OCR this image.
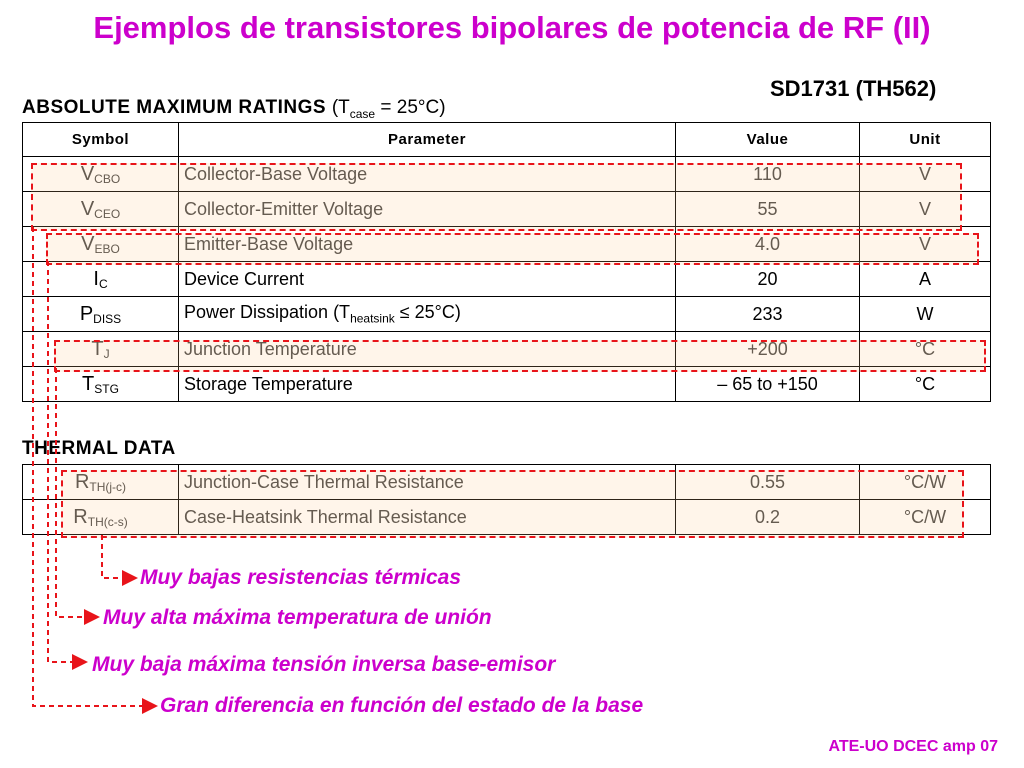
Ejemplos de transistores bipolares de potencia de RF (II)
SD1731 (TH562)
ABSOLUTE MAXIMUM RATINGS $(T_{case} = 25^\circ C)$
Symbol	Parameter	Value	Unit
$V_{CBO}$	Collector-Base Voltage	110	V
$V_{CEO}$	Collector-Emitter Voltage	55	V
$V_{EBO}$	Emitter-Base Voltage	4.0	V
$I_C$	Device Current	20	A
$P_{DISS}$	Power Dissipation $(T_{heatsink} \le 25^\circ C)$	233	W
$T_J$	Junction Temperature	+200	°C
$T_{STG}$	Storage Temperature	– 65 to +150	°C
THERMAL DATA
$R_{TH(j-c)}$	Junction-Case Thermal Resistance	0.55	°C/W
$R_{TH(c-s)}$	Case-Heatsink Thermal Resistance	0.2	°C/W
Muy bajas resistencias térmicas
Muy alta máxima temperatura de unión
Muy baja máxima tensión inversa base-emisor
Gran diferencia en función del estado de la base
ATE-UO DCEC amp 07
